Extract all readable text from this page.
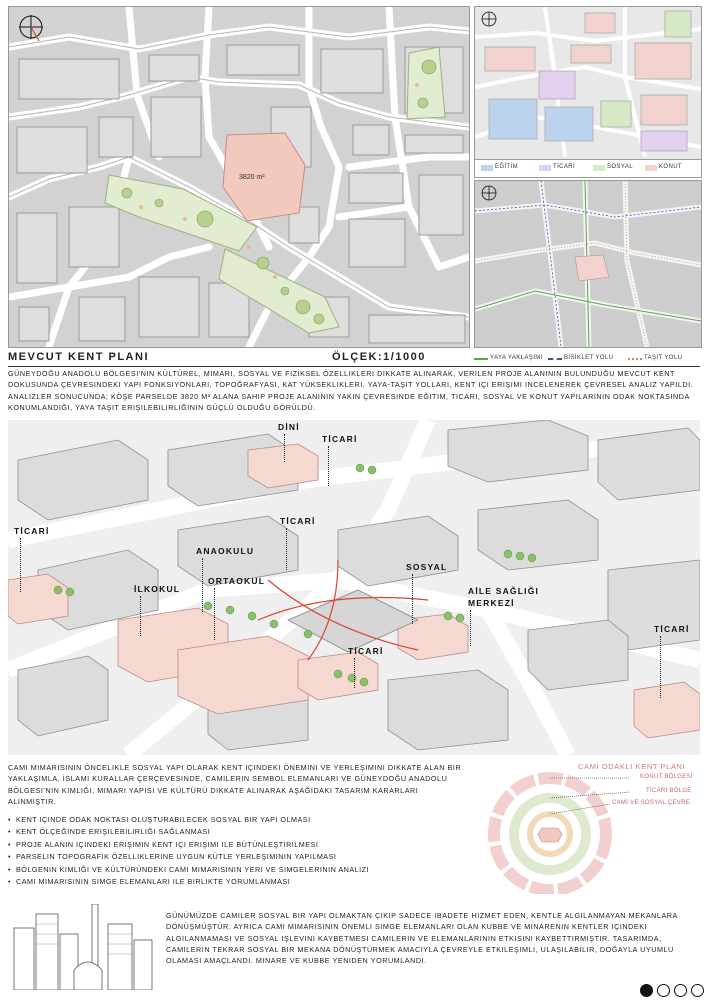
3820 m²
EĞİTİM	TİCARİ	SOSYAL	KONUT
MEVCUT KENT PLANI	ÖLÇEK:1/1000	YAYA YAKLAŞIMI	BİSİKLET YOLU	TAŞIT YOLU
GÜNEYDOĞU ANADOLU BÖLGESI'NIN KÜLTÜREL, MIMARI, SOSYAL VE FIZIKSEL ÖZELLIKLERI DIKKATE ALINARAK, VERILEN PROJE ALANININ BULUNDUĞU MEVCUT KENT DOKUSUNDA ÇEVRESINDEKI YAPI FONKSIYONLARI, TOPOĞRAFYASI, KAT YÜKSEKLIKLERI, YAYA-TAŞIT YOLLARI, KENT IÇI ERIŞIMI INCELENEREK ÇEVRESEL ANALIZ YAPILDI. ANALIZLER SONUCUNDA; KÖŞE PARSELDE 3820 M² ALANA SAHIP PROJE ALANININ YAKIN ÇEVRESINDE EĞITIM, TICARI, SOSYAL VE KONUT YAPILARININ ODAK NOKTASINDA KONUMLANDIĞI, YAYA TAŞIT ERIŞILEBILIRLIĞININ GÜÇLÜ OLDUĞU GÖRÜLDÜ.
DİNİ
TİCARİ
TİCARİ
TİCARİ
ANAOKULU
İLKOKUL
ORTAOKUL
SOSYAL
AİLE SAĞLIĞI
MERKEZİ
TİCARİ
TİCARİ
CAMI MIMARISININ ÖNCELIKLE SOSYAL YAPI OLARAK KENT IÇINDEKI ÖNEMINI VE YERLEŞIMINI DIKKATE ALAN BIR YAKLAŞIMLA, İSLAMI KURALLAR ÇERÇEVESINDE, CAMILERIN SEMBOL ELEMANLARI VE GÜNEYDOĞU ANADOLU BÖLGESI'NIN KIMLIĞI, MIMARI YAPISI VE KÜLTÜRÜ DIKKATE ALINARAK AŞAĞIDAKI TASARIM KARARLARI ALINMIŞTIR.
• KENT IÇINDE ODAK NOKTASI OLUŞTURABILECEK SOSYAL BIR YAPI OLMASI
• KENT ÖLÇEĞINDE ERIŞILEBILIRLIĞI SAĞLANMASI
• PROJE ALANIN IÇINDEKI ERIŞIMIN KENT IÇI ERIŞIMI ILE BÜTÜNLEŞTIRILMESI
• PARSELIN TOPOGRAFIK ÖZELLIKLERINE UYGUN KÜTLE YERLEŞIMININ YAPILMASI
• BÖLGENIN KIMLIĞI VE KÜLTÜRÜNDEKI CAMI MIMARISININ YERI VE SIMGELERININ ANALIZI
• CAMI MIMARISININ SIMGE ELEMANLARI ILE BIRLIKTE YORUMLANMASI
CAMİ ODAKLI KENT PLANI
KONUT BÖLGESİ
TİCARİ BÖLGE
CAMİ VE SOSYAL ÇEVRE
GÜNÜMÜZDE CAMILER SOSYAL BIR YAPI OLMAKTAN ÇIKIP SADECE IBADETE HIZMET EDEN, KENTLE ALGILANMAYAN MEKANLARA DÖNÜŞMÜŞTÜR. AYRICA CAMI MIMARISININ ÖNEMLI SIMGE ELEMANLARI OLAN KUBBE VE MINARENIN KENTLER IÇINDEKI ALGILANMAMASI VE SOSYAL IŞLEVINI KAYBETMESI CAMILERIN VE ELEMANLARININ ETKISINI KAYBETTIRMIŞTIR. TASARIMDA, CAMILERIN TEKRAR SOSYAL BIR MEKANA DÖNÜŞTÜRMEK AMACIYLA ÇEVREYLE ETKILEŞIMLI, ULAŞILABILIR, DOĞAYLA UYUMLU OLAMASI AMAÇLANDI. MINARE VE KUBBE YENIDEN YORUMLANDI.
